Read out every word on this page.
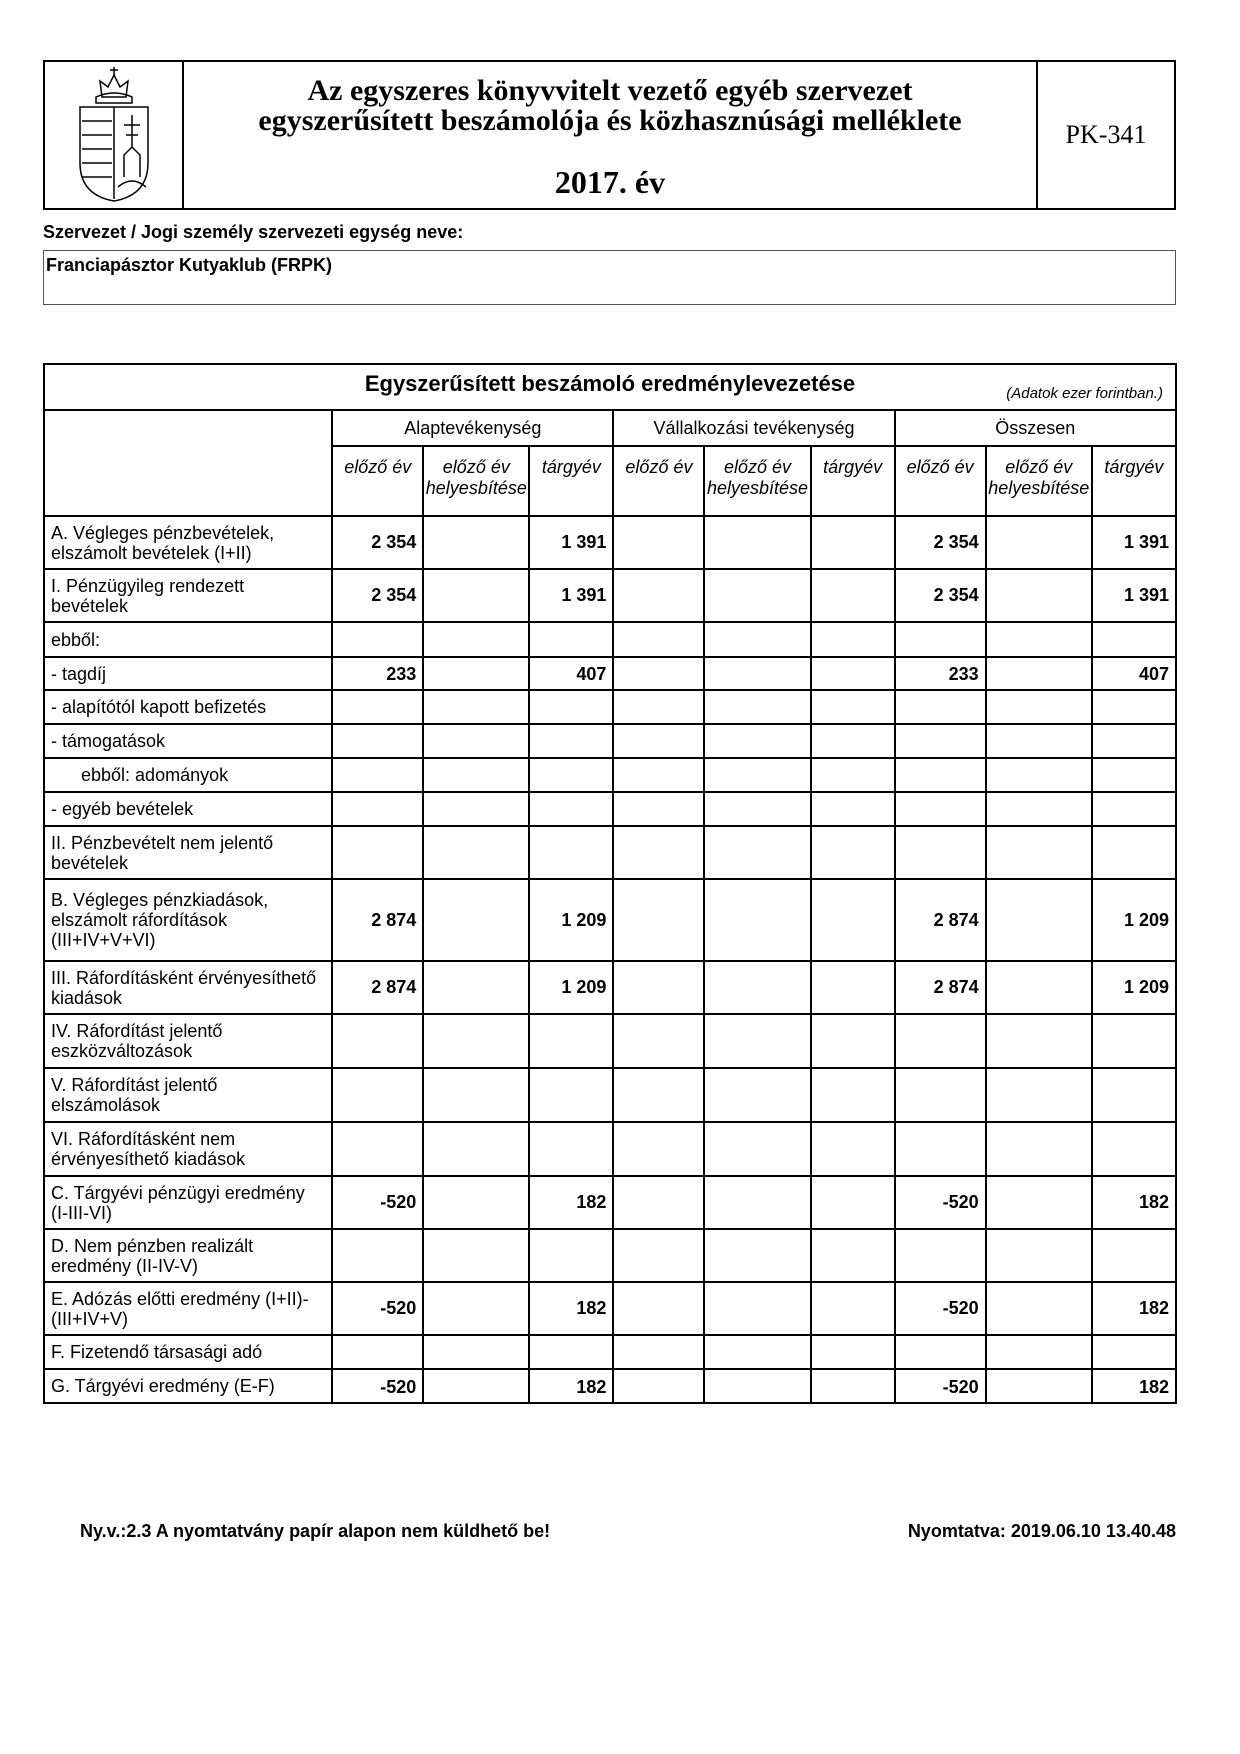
Az egyszeres könyvvitelt vezető egyéb szervezet
egyszerűsített beszámolója és közhasznúsági melléklete
2017. év
PK-341
Szervezet / Jogi személy szervezeti egység neve:
Franciapásztor Kutyaklub (FRPK)
Egyszerűsített beszámoló eredménylevezetése (Adatok ezer forintban.)									

	Alaptevékenység			Vállalkozási tevékenység			Összesen		
	előző év	előző év helyesbítése	tárgyév	előző év	előző év helyesbítése	tárgyév	előző év	előző év helyesbítése	tárgyév
A. Végleges pénzbevételek, elszámolt bevételek (I+II)	2 354		1 391				2 354		1 391
I. Pénzügyileg rendezett bevételek	2 354		1 391				2 354		1 391
ebből:									
- tagdíj	233		407				233		407
- alapítótól kapott befizetés									
- támogatások									
ebből: adományok									
- egyéb bevételek									
II. Pénzbevételt nem jelentő bevételek									
B. Végleges pénzkiadások, elszámolt ráfordítások (III+IV+V+VI)	2 874		1 209				2 874		1 209
III. Ráfordításként érvényesíthető kiadások	2 874		1 209				2 874		1 209
IV. Ráfordítást jelentő eszközváltozások									
V. Ráfordítást jelentő elszámolások									
VI. Ráfordításként nem érvényesíthető kiadások									
C. Tárgyévi pénzügyi eredmény (I-III-VI)	-520		182				-520		182
D. Nem pénzben realizált eredmény (II-IV-V)									
E. Adózás előtti eredmény (I+II)-(III+IV+V)	-520		182				-520		182
F. Fizetendő társasági adó									
G. Tárgyévi eredmény (E-F)	-520		182				-520		182
Ny.v.:2.3 A nyomtatvány papír alapon nem küldhető be!	Nyomtatva: 2019.06.10 13.40.48
